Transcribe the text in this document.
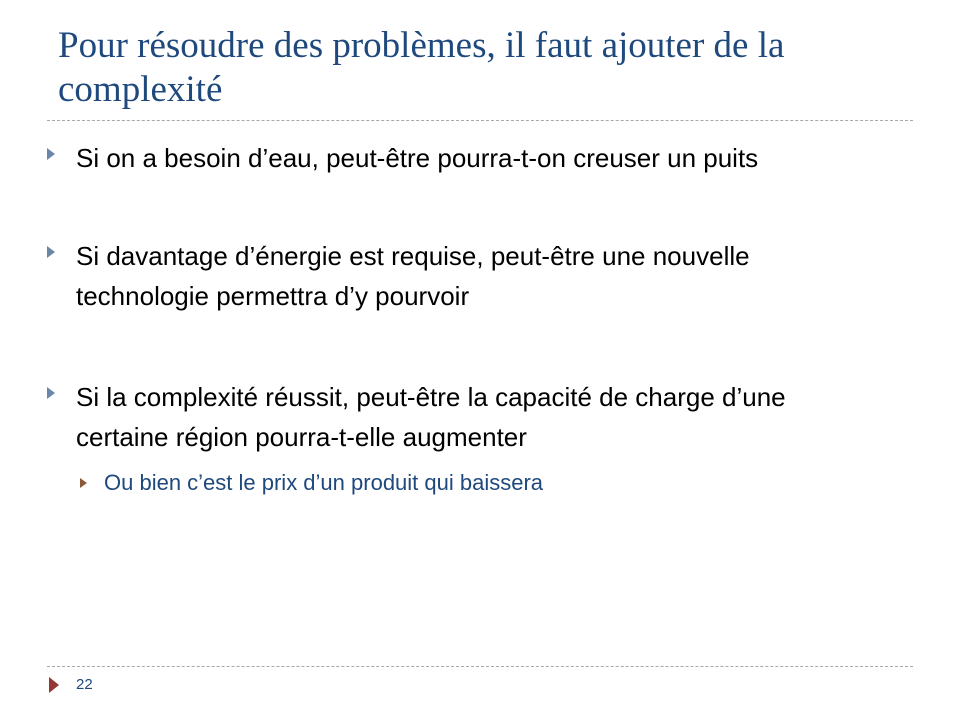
Pour résoudre des problèmes, il faut ajouter de la complexité
Si on a besoin d’eau, peut-être pourra-t-on creuser un puits
Si davantage d’énergie est requise, peut-être une nouvelle
technologie permettra d’y pourvoir
Si la complexité réussit, peut-être la capacité de charge d’une
certaine région pourra-t-elle augmenter
Ou bien c’est le prix d’un produit qui baissera
22
